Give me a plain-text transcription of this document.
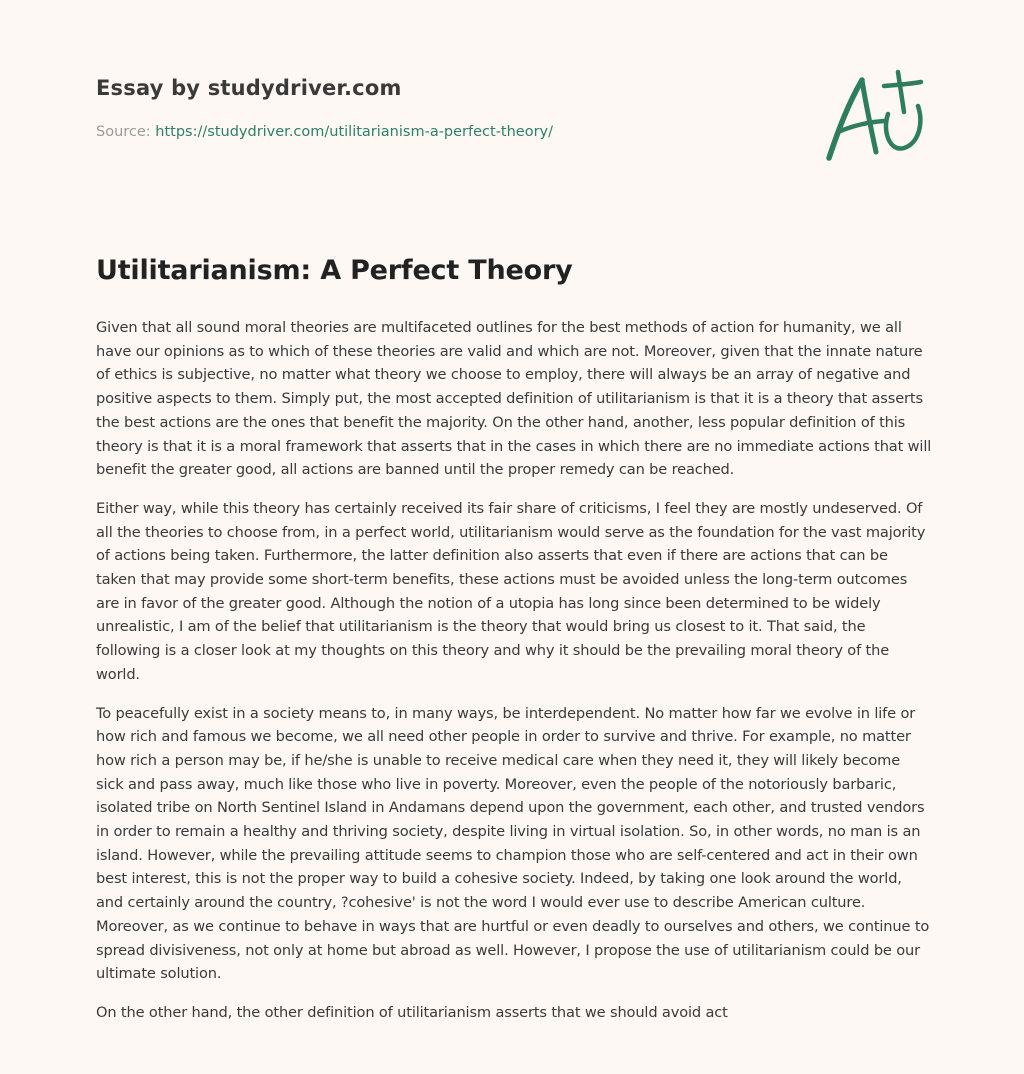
Essay by studydriver.com
Source: https://studydriver.com/utilitarianism-a-perfect-theory/
Utilitarianism: A Perfect Theory

Given that all sound moral theories are multifaceted outlines for the best methods of action for humanity, we all have our opinions as to which of these theories are valid and which are not. Moreover, given that the innate nature of ethics is subjective, no matter what theory we choose to employ, there will always be an array of negative and positive aspects to them. Simply put, the most accepted definition of utilitarianism is that it is a theory that asserts the best actions are the ones that benefit the majority. On the other hand, another, less popular definition of this theory is that it is a moral framework that asserts that in the cases in which there are no immediate actions that will benefit the greater good, all actions are banned until the proper remedy can be reached.

Either way, while this theory has certainly received its fair share of criticisms, I feel they are mostly undeserved. Of all the theories to choose from, in a perfect world, utilitarianism would serve as the foundation for the vast majority of actions being taken. Furthermore, the latter definition also asserts that even if there are actions that can be taken that may provide some short-term benefits, these actions must be avoided unless the long-term outcomes are in favor of the greater good. Although the notion of a utopia has long since been determined to be widely unrealistic, I am of the belief that utilitarianism is the theory that would bring us closest to it. That said, the following is a closer look at my thoughts on this theory and why it should be the prevailing moral theory of the world.

To peacefully exist in a society means to, in many ways, be interdependent. No matter how far we evolve in life or how rich and famous we become, we all need other people in order to survive and thrive. For example, no matter how rich a person may be, if he/she is unable to receive medical care when they need it, they will likely become sick and pass away, much like those who live in poverty. Moreover, even the people of the notoriously barbaric, isolated tribe on North Sentinel Island in Andamans depend upon the government, each other, and trusted vendors in order to remain a healthy and thriving society, despite living in virtual isolation. So, in other words, no man is an island. However, while the prevailing attitude seems to champion those who are self-centered and act in their own best interest, this is not the proper way to build a cohesive society. Indeed, by taking one look around the world, and certainly around the country, ?cohesive' is not the word I would ever use to describe American culture. Moreover, as we continue to behave in ways that are hurtful or even deadly to ourselves and others, we continue to spread divisiveness, not only at home but abroad as well. However, I propose the use of utilitarianism could be our ultimate solution.

On the other hand, the other definition of utilitarianism asserts that we should avoid act
